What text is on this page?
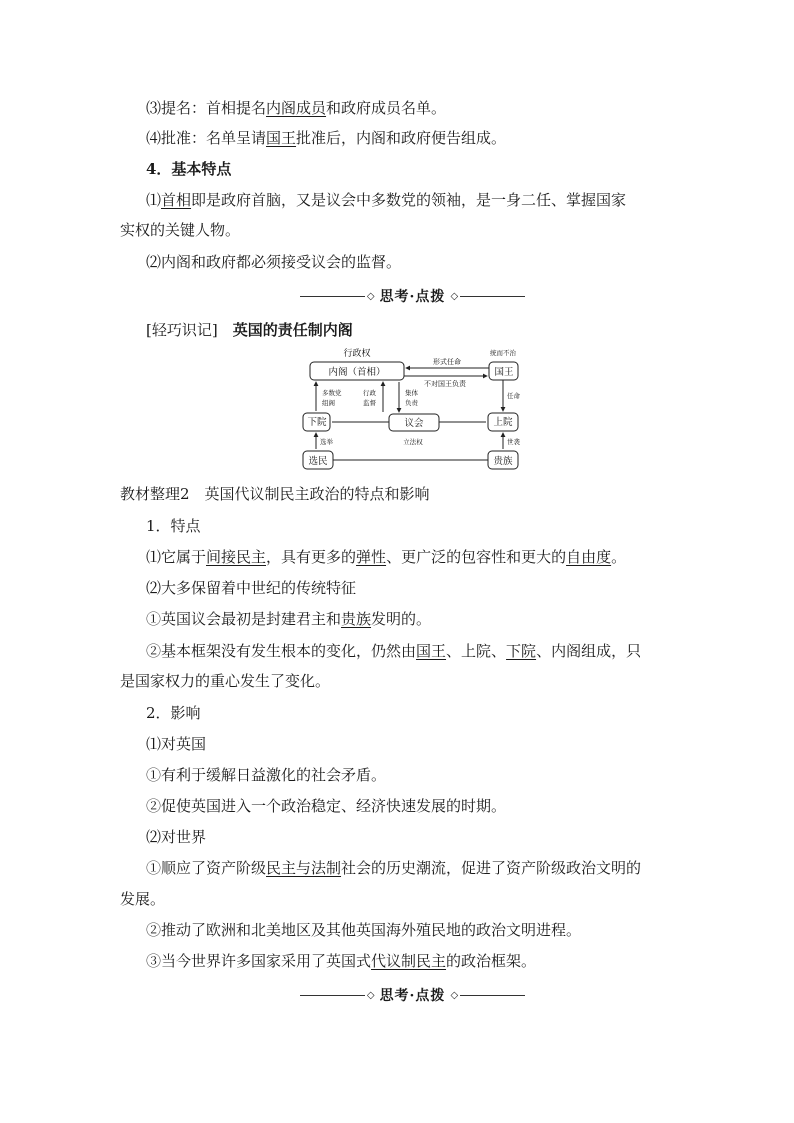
⑶提名：首相提名内阁成员和政府成员名单。
⑷批准：名单呈请国王批准后，内阁和政府便告组成。
4．基本特点
⑴首相即是政府首脑，又是议会中多数党的领袖，是一身二任、掌握国家
实权的关键人物。
⑵内阁和政府都必须接受议会的监督。
◇ 思考·点拨 ◇
[轻巧识记]　 英国的责任制内阁
行政权
内阁（首相）	国王
统而不治
形式任命
不对国王负责
下院	上院
议会
选民	贵族
多数党
组阁
行政
监督
集体
负责
任命
立法权
选举	世袭
教材整理2　英国代议制民主政治的特点和影响
1．特点
⑴它属于间接民主，具有更多的弹性、更广泛的包容性和更大的自由度。
⑵大多保留着中世纪的传统特征
①英国议会最初是封建君主和贵族发明的。
②基本框架没有发生根本的变化，仍然由国王、上院、下院、内阁组成，只
是国家权力的重心发生了变化。
2．影响
⑴对英国
①有利于缓解日益激化的社会矛盾。
②促使英国进入一个政治稳定、经济快速发展的时期。
⑵对世界
①顺应了资产阶级民主与法制社会的历史潮流，促进了资产阶级政治文明的
发展。
②推动了欧洲和北美地区及其他英国海外殖民地的政治文明进程。
③当今世界许多国家采用了英国式代议制民主的政治框架。
◇ 思考·点拨 ◇
